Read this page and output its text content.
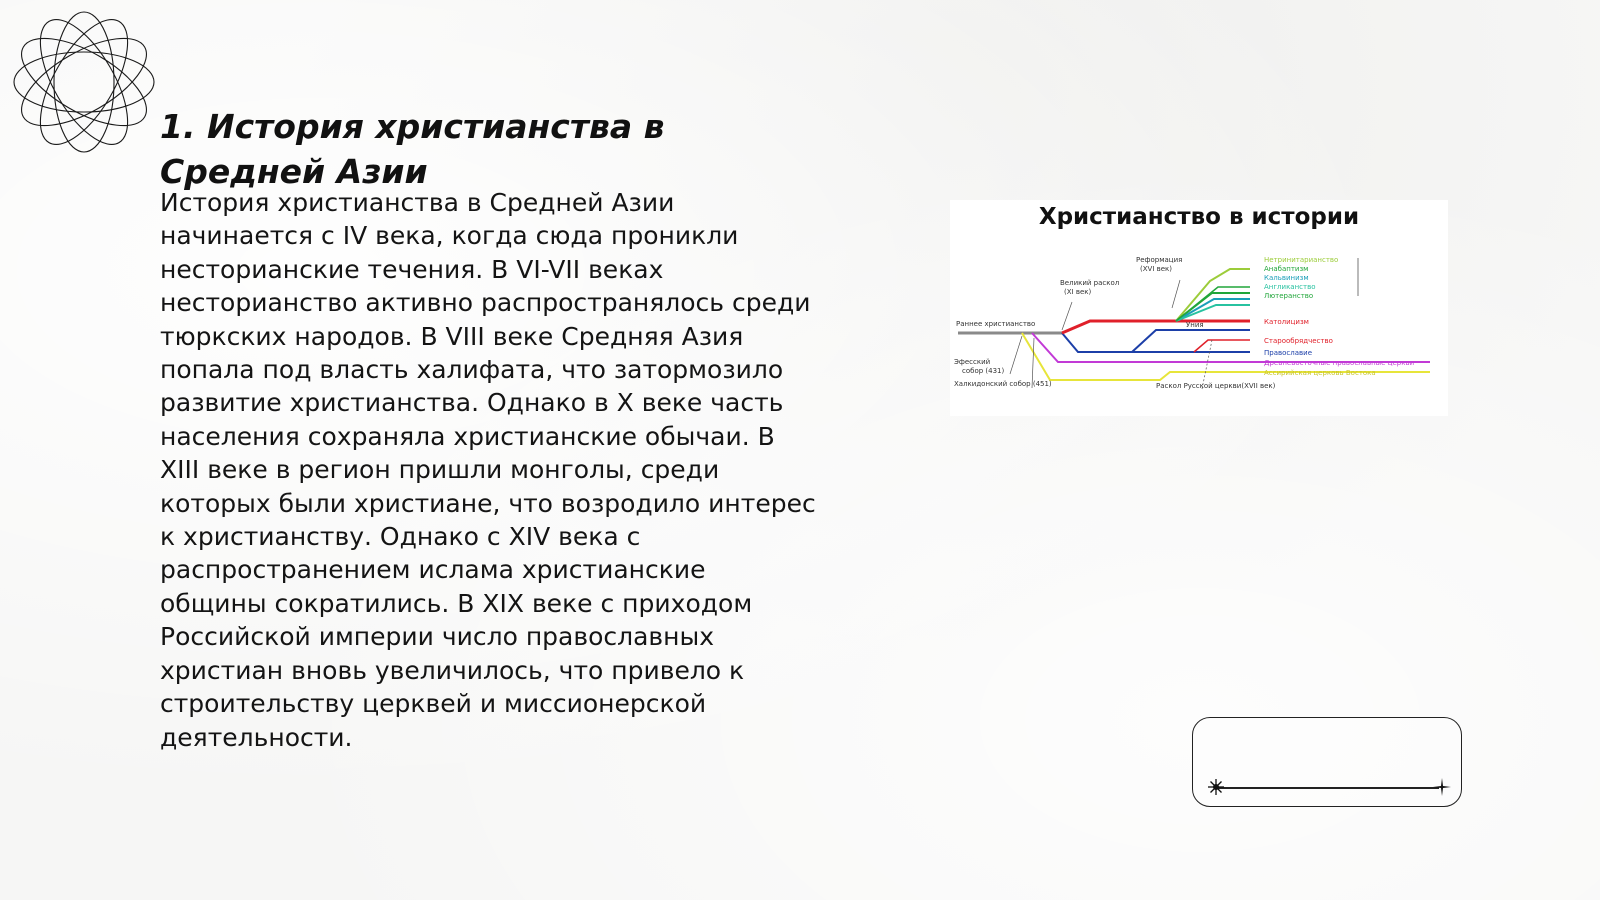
1. История христианства в Средней Азии

История христианства в Средней Азии
начинается с IV века, когда сюда проникли
несторианские течения. В VI-VII веках
несторианство активно распространялось среди
тюркских народов. В VIII веке Средняя Азия
попала под власть халифата, что затормозило
развитие христианства. Однако в X веке часть
населения сохраняла христианские обычаи. В
XIII веке в регион пришли монголы, среди
которых были христиане, что возродило интерес
к христианству. Однако с XIV века с
распространением ислама христианские
общины сократились. В XIX веке с приходом
Российской империи число православных
христиан вновь увеличилось, что привело к
строительству церквей и миссионерской
деятельности.

Христианство в истории
Реформация
(XVI век)
Великий раскол
(XI век)
Раннее христианство
Эфесский
собор (431)
Халкидонский собор (451)	Раскол Русской церкви(XVII век)
Уния
Нетринитарианство
Анабаптизм
Кальвинизм
Англиканство
Лютеранство
Католицизм
Старообрядчество
Православие
Древневосточные православные церкви
Ассирийская церковь Востока
